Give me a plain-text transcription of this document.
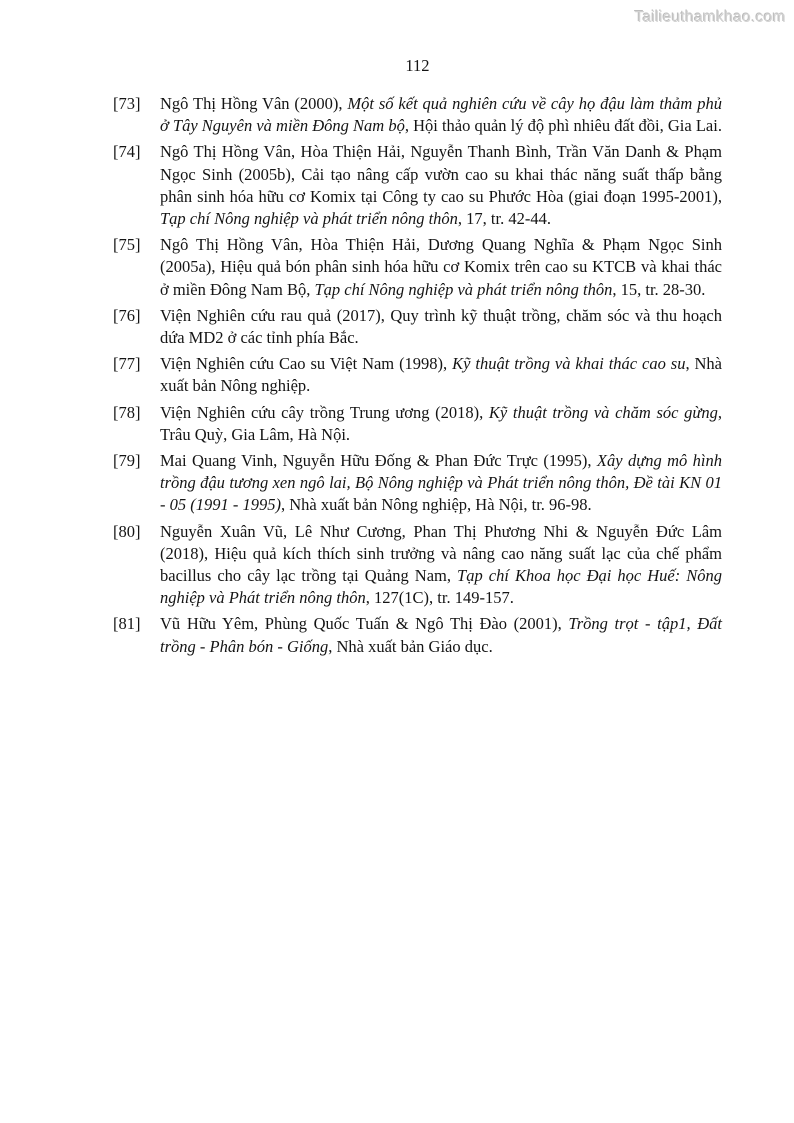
Tailieuthamkhao.com
112
[73] Ngô Thị Hồng Vân (2000), Một số kết quả nghiên cứu về cây họ đậu làm thảm phủ ở Tây Nguyên và miền Đông Nam bộ, Hội thảo quản lý độ phì nhiêu đất đồi, Gia Lai.
[74] Ngô Thị Hồng Vân, Hòa Thiện Hải, Nguyễn Thanh Bình, Trần Văn Danh & Phạm Ngọc Sinh (2005b), Cải tạo nâng cấp vườn cao su khai thác năng suất thấp bằng phân sinh hóa hữu cơ Komix tại Công ty cao su Phước Hòa (giai đoạn 1995-2001), Tạp chí Nông nghiệp và phát triển nông thôn, 17, tr. 42-44.
[75] Ngô Thị Hồng Vân, Hòa Thiện Hải, Dương Quang Nghĩa & Phạm Ngọc Sinh (2005a), Hiệu quả bón phân sinh hóa hữu cơ Komix trên cao su KTCB và khai thác ở miền Đông Nam Bộ, Tạp chí Nông nghiệp và phát triển nông thôn, 15, tr. 28-30.
[76] Viện Nghiên cứu rau quả (2017), Quy trình kỹ thuật trồng, chăm sóc và thu hoạch dứa MD2 ở các tỉnh phía Bắc.
[77] Viện Nghiên cứu Cao su Việt Nam (1998), Kỹ thuật trồng và khai thác cao su, Nhà xuất bản Nông nghiệp.
[78] Viện Nghiên cứu cây trồng Trung ương (2018), Kỹ thuật trồng và chăm sóc gừng, Trâu Quỳ, Gia Lâm, Hà Nội.
[79] Mai Quang Vinh, Nguyễn Hữu Đống & Phan Đức Trực (1995), Xây dựng mô hình trồng đậu tương xen ngô lai, Bộ Nông nghiệp và Phát triển nông thôn, Đề tài KN 01 - 05 (1991 - 1995), Nhà xuất bản Nông nghiệp, Hà Nội, tr. 96-98.
[80] Nguyễn Xuân Vũ, Lê Như Cương, Phan Thị Phương Nhi & Nguyễn Đức Lâm (2018), Hiệu quả kích thích sinh trưởng và nâng cao năng suất lạc của chế phẩm bacillus cho cây lạc trồng tại Quảng Nam, Tạp chí Khoa học Đại học Huế: Nông nghiệp và Phát triển nông thôn, 127(1C), tr. 149-157.
[81] Vũ Hữu Yêm, Phùng Quốc Tuấn & Ngô Thị Đào (2001), Trồng trọt - tập1, Đất trồng - Phân bón - Giống, Nhà xuất bản Giáo dục.
